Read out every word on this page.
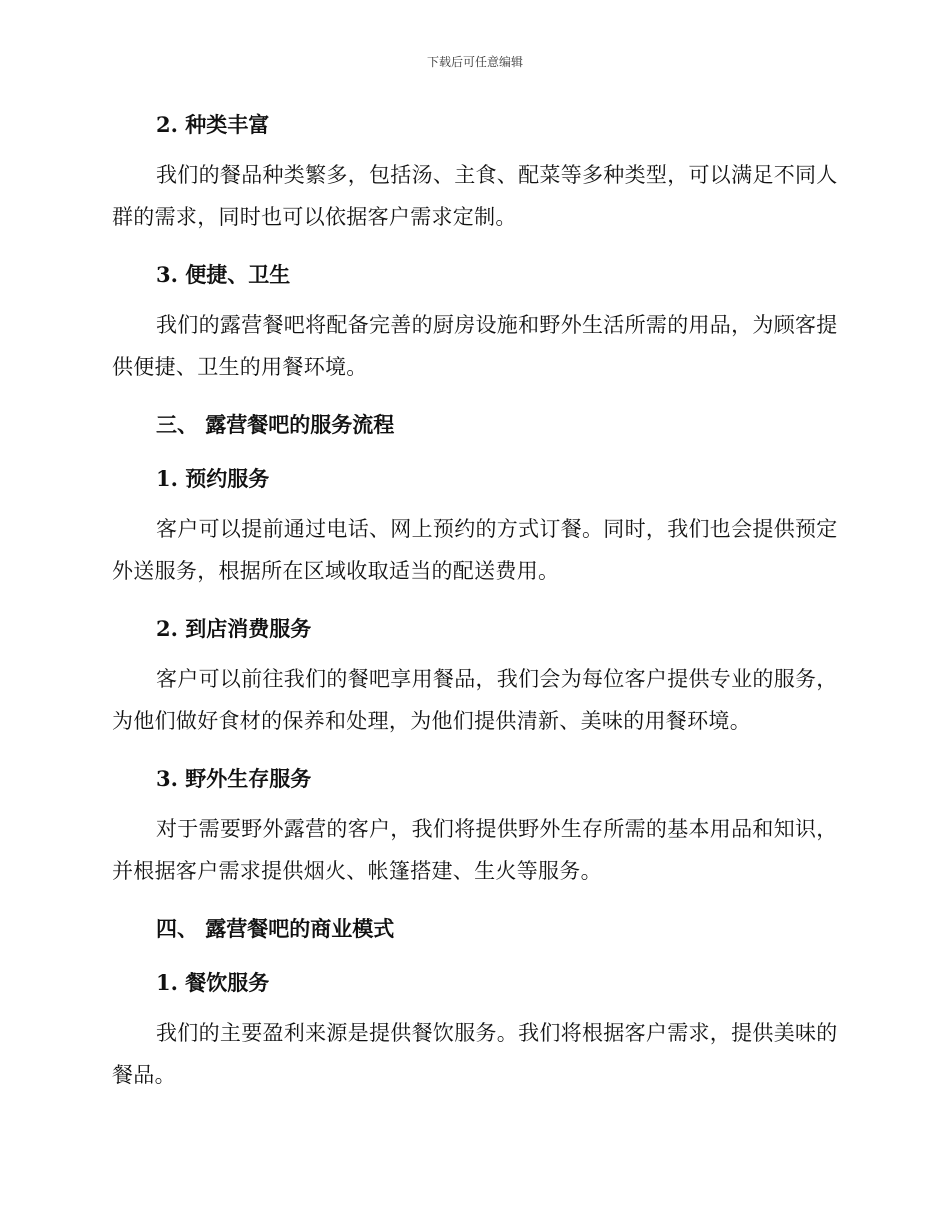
下载后可任意编辑
2. 种类丰富

我们的餐品种类繁多，包括汤、主食、配菜等多种类型，可以满足不同人群的需求，同时也可以依据客户需求定制。

3. 便捷、卫生

我们的露营餐吧将配备完善的厨房设施和野外生活所需的用品，为顾客提供便捷、卫生的用餐环境。

三、 露营餐吧的服务流程
1. 预约服务

客户可以提前通过电话、网上预约的方式订餐。同时，我们也会提供预定外送服务，根据所在区域收取适当的配送费用。

2. 到店消费服务

客户可以前往我们的餐吧享用餐品，我们会为每位客户提供专业的服务，为他们做好食材的保养和处理，为他们提供清新、美味的用餐环境。

3. 野外生存服务

对于需要野外露营的客户，我们将提供野外生存所需的基本用品和知识，并根据客户需求提供烟火、帐篷搭建、生火等服务。

四、 露营餐吧的商业模式
1. 餐饮服务

我们的主要盈利来源是提供餐饮服务。我们将根据客户需求，提供美味的餐品。
